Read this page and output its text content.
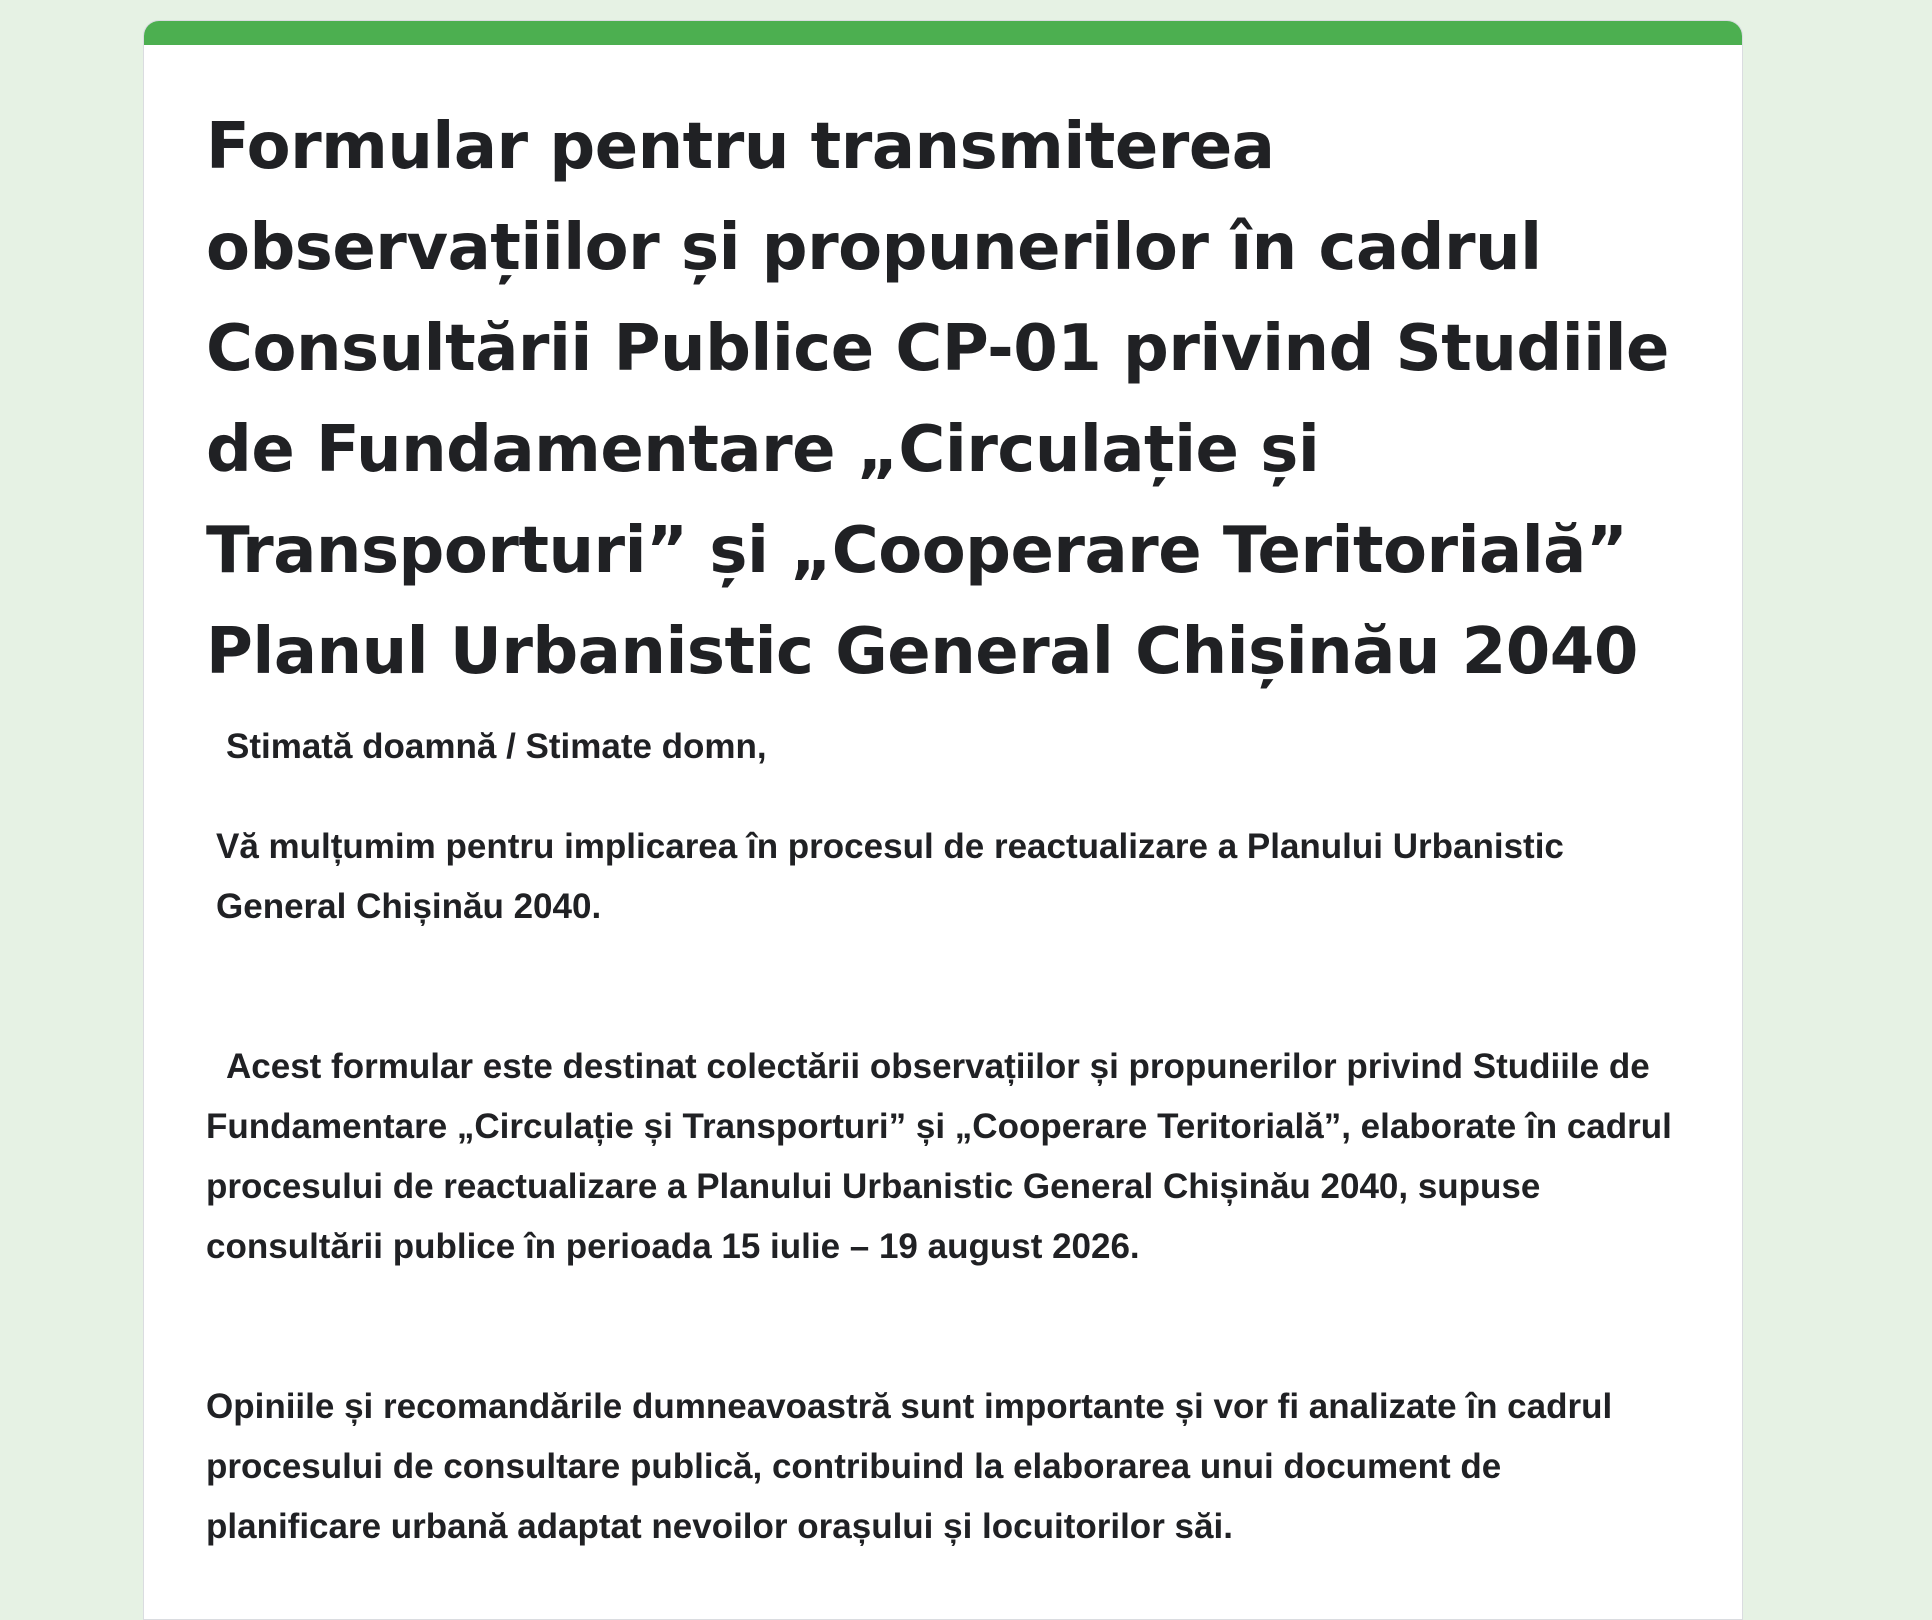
Formular pentru transmiterea observațiilor și propunerilor în cadrul Consultării Publice CP-01 privind Studiile de Fundamentare „Circulație și Transporturi” și „Cooperare Teritorială” Planul Urbanistic General Chișinău 2040

Stimată doamnă / Stimate domn,

Vă mulțumim pentru implicarea în procesul de reactualizare a Planului Urbanistic General Chișinău 2040.

Acest formular este destinat colectării observațiilor și propunerilor privind Studiile de Fundamentare „Circulație și Transporturi” și „Cooperare Teritorială”, elaborate în cadrul procesului de reactualizare a Planului Urbanistic General Chișinău 2040, supuse consultării publice în perioada 15 iulie – 19 august 2026.

Opiniile și recomandările dumneavoastră sunt importante și vor fi analizate în cadrul procesului de consultare publică, contribuind la elaborarea unui document de planificare urbană adaptat nevoilor orașului și locuitorilor săi.
